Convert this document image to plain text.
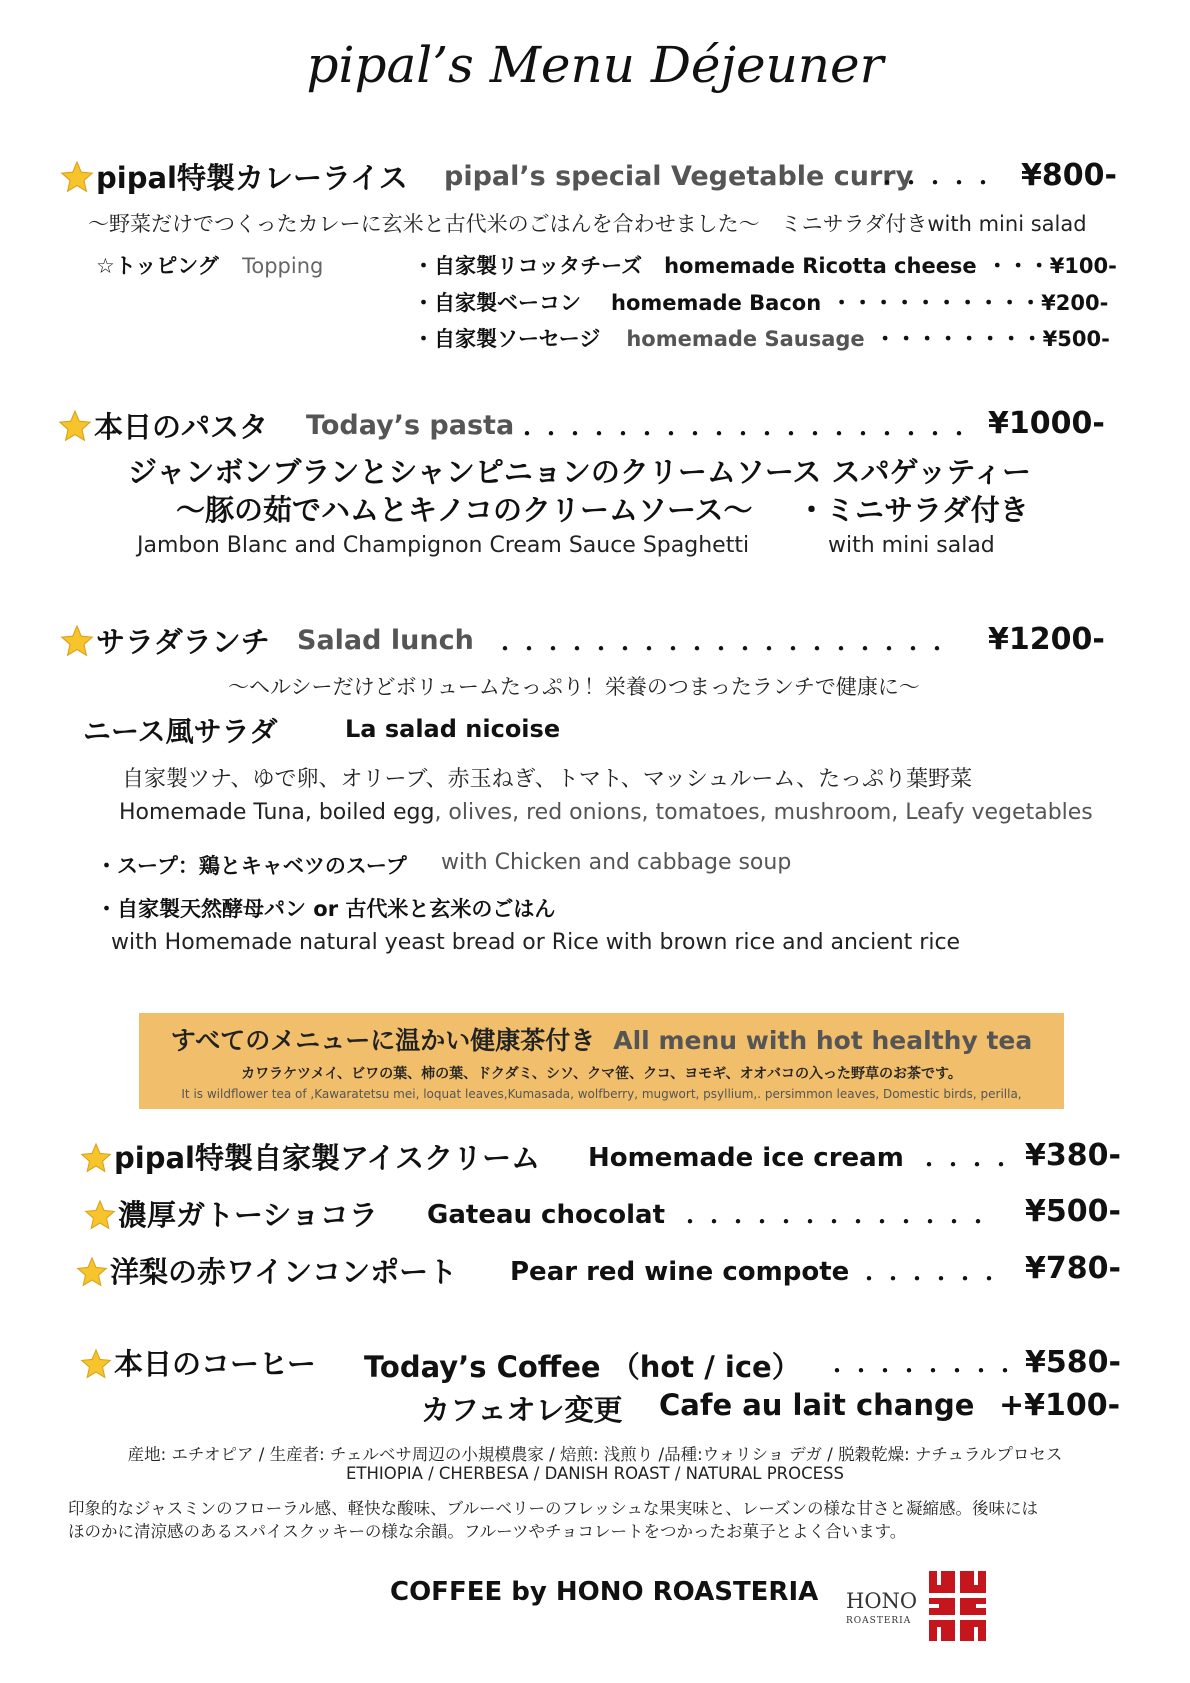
pipal’s Menu Déjeuner
pipal特製カレーライス pipal’s special Vegetable curry
・・・・・ ¥800-
〜野菜だけでつくったカレーに玄米と古代米のごはんを合わせました〜　ミニサラダ付きwith mini salad
☆トッピング Topping	・自家製リコッタチーズ homemade Ricotta cheese ・・・¥100-
・自家製ベーコン homemade Bacon ・・・・・・・・・・¥200-
・自家製ソーセージ homemade Sausage ・・・・・・・・¥500-
本日のパスタ Today’s pasta ・・・・・・・・・・・・・・・・・・・ ¥1000-
ジャンボンブランとシャンピニョンのクリームソース スパゲッティー
〜豚の茹でハムとキノコのクリームソース〜 ・ミニサラダ付き
Jambon Blanc and Champignon Cream Sauce Spaghetti	with mini salad
サラダランチ Salad lunch ・・・・・・・・・・・・・・・・・・・ ¥1200-
〜ヘルシーだけどボリュームたっぷり！栄養のつまったランチで健康に〜
ニース風サラダ	La salad nicoise
自家製ツナ、ゆで卵、オリーブ、赤玉ねぎ、トマト、マッシュルーム、たっぷり葉野菜
Homemade Tuna, boiled egg, olives, red onions, tomatoes, mushroom, Leafy vegetables
・スープ：鶏とキャベツのスープ with Chicken and cabbage soup
・自家製天然酵母パン or 古代米と玄米のごはん
with Homemade natural yeast bread or Rice with brown rice and ancient rice
すべてのメニューに温かい健康茶付き All menu with hot healthy tea
カワラケツメイ、ビワの葉、柿の葉、ドクダミ、シソ、クマ笹、クコ、ヨモギ、オオバコの入った野草のお茶です。
It is wildflower tea of ,Kawaratetsu mei, loquat leaves,Kumasada, wolfberry, mugwort, psyllium,. persimmon leaves, Domestic birds, perilla,
pipal特製自家製アイスクリーム Homemade ice cream ・・・・ ¥380-
濃厚ガトーショコラ Gateau chocolat ・・・・・・・・・・・・・ ¥500-
洋梨の赤ワインコンポート Pear red wine compote ・・・・・・ ¥780-
本日のコーヒー Today’s Coffee （hot / ice） ・・・・・・・・ ¥580-
カフェオレ変更 Cafe au lait change +¥100-
産地: エチオピア / 生産者: チェルベサ周辺の小規模農家 / 焙煎: 浅煎り /品種:ウォリショ デガ / 脱穀乾燥: ナチュラルプロセス
ETHIOPIA / CHERBESA / DANISH ROAST / NATURAL PROCESS
印象的なジャスミンのフローラル感、軽快な酸味、ブルーベリーのフレッシュな果実味と、レーズンの様な甘さと凝縮感。後味には
ほのかに清涼感のあるスパイスクッキーの様な余韻。フルーツやチョコレートをつかったお菓子とよく合います。
COFFEE by HONO ROASTERIA HONO
ROASTERIA
